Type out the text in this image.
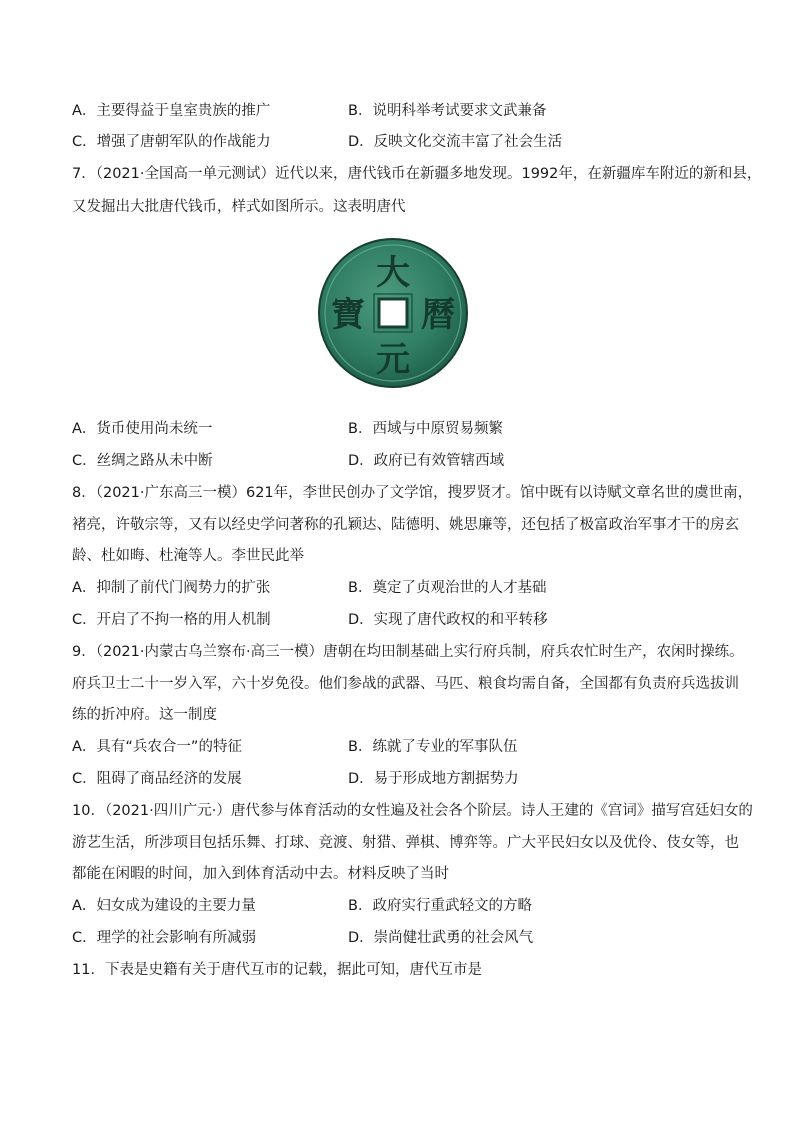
A．主要得益于皇室贵族的推广	B．说明科举考试要求文武兼备
C．增强了唐朝军队的作战能力	D．反映文化交流丰富了社会生活
7．（2021·全国高一单元测试）近代以来，唐代钱币在新疆多地发现。1992年，在新疆库车附近的新和县，
又发掘出大批唐代钱币，样式如图所示。这表明唐代
大
元
曆
寶
A．货币使用尚未统一	B．西域与中原贸易频繁
C．丝绸之路从未中断	D．政府已有效管辖西域
8．（2021·广东高三一模）621年，李世民创办了文学馆，搜罗贤才。馆中既有以诗赋文章名世的虞世南，
褚亮，许敬宗等，又有以经史学问著称的孔颖达、陆德明、姚思廉等，还包括了极富政治军事才干的房玄
龄、杜如晦、杜淹等人。李世民此举
A．抑制了前代门阀势力的扩张	B．奠定了贞观治世的人才基础
C．开启了不拘一格的用人机制	D．实现了唐代政权的和平转移
9．（2021·内蒙古乌兰察布·高三一模）唐朝在均田制基础上实行府兵制，府兵农忙时生产，农闲时操练。
府兵卫士二十一岁入军，六十岁免役。他们参战的武器、马匹、粮食均需自备，全国都有负责府兵选拔训
练的折冲府。这一制度
A．具有“兵农合一”的特征	B．练就了专业的军事队伍
C．阻碍了商品经济的发展	D．易于形成地方割据势力
10．（2021·四川广元·）唐代参与体育活动的女性遍及社会各个阶层。诗人王建的《宫词》描写宫廷妇女的
游艺生活，所涉项目包括乐舞、打球、竞渡、射猎、弹棋、博弈等。广大平民妇女以及优伶、伎女等，也
都能在闲暇的时间，加入到体育活动中去。材料反映了当时
A．妇女成为建设的主要力量	B．政府实行重武轻文的方略
C．理学的社会影响有所减弱	D．崇尚健壮武勇的社会风气
11．下表是史籍有关于唐代互市的记载，据此可知，唐代互市是
